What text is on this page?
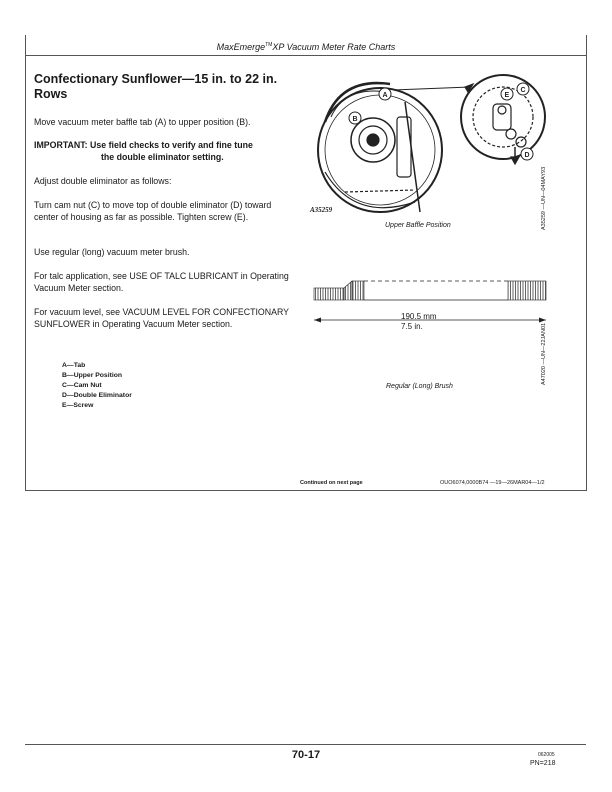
MaxEmerge™XP Vacuum Meter Rate Charts
Confectionary Sunflower—15 in. to 22 in.
Rows
Move vacuum meter baffle tab (A) to upper position (B).
IMPORTANT: Use field checks to verify and fine tune
the double eliminator setting.
Adjust double eliminator as follows:
Turn cam nut (C) to move top of double eliminator (D) toward center of housing as far as possible. Tighten screw (E).
Use regular (long) vacuum meter brush.
For talc application, see USE OF TALC LUBRICANT in Operating Vacuum Meter section.
For vacuum level, see VACUUM LEVEL FOR CONFECTIONARY SUNFLOWER in Operating Vacuum Meter section.
A—Tab
B—Upper Position
C—Cam Nut
D—Double Eliminator
E—Screw
A
B
C
E
D
A35259
Upper Baffle Position	A35259 —UN—04MAY93
190.5 mm
7.5 in.
Regular (Long) Brush
A47020 —UN—22JAN01
Continued on next page	OUO6074,0000B74 —19—26MAR04—1/2
70-17	062005
PN=218
